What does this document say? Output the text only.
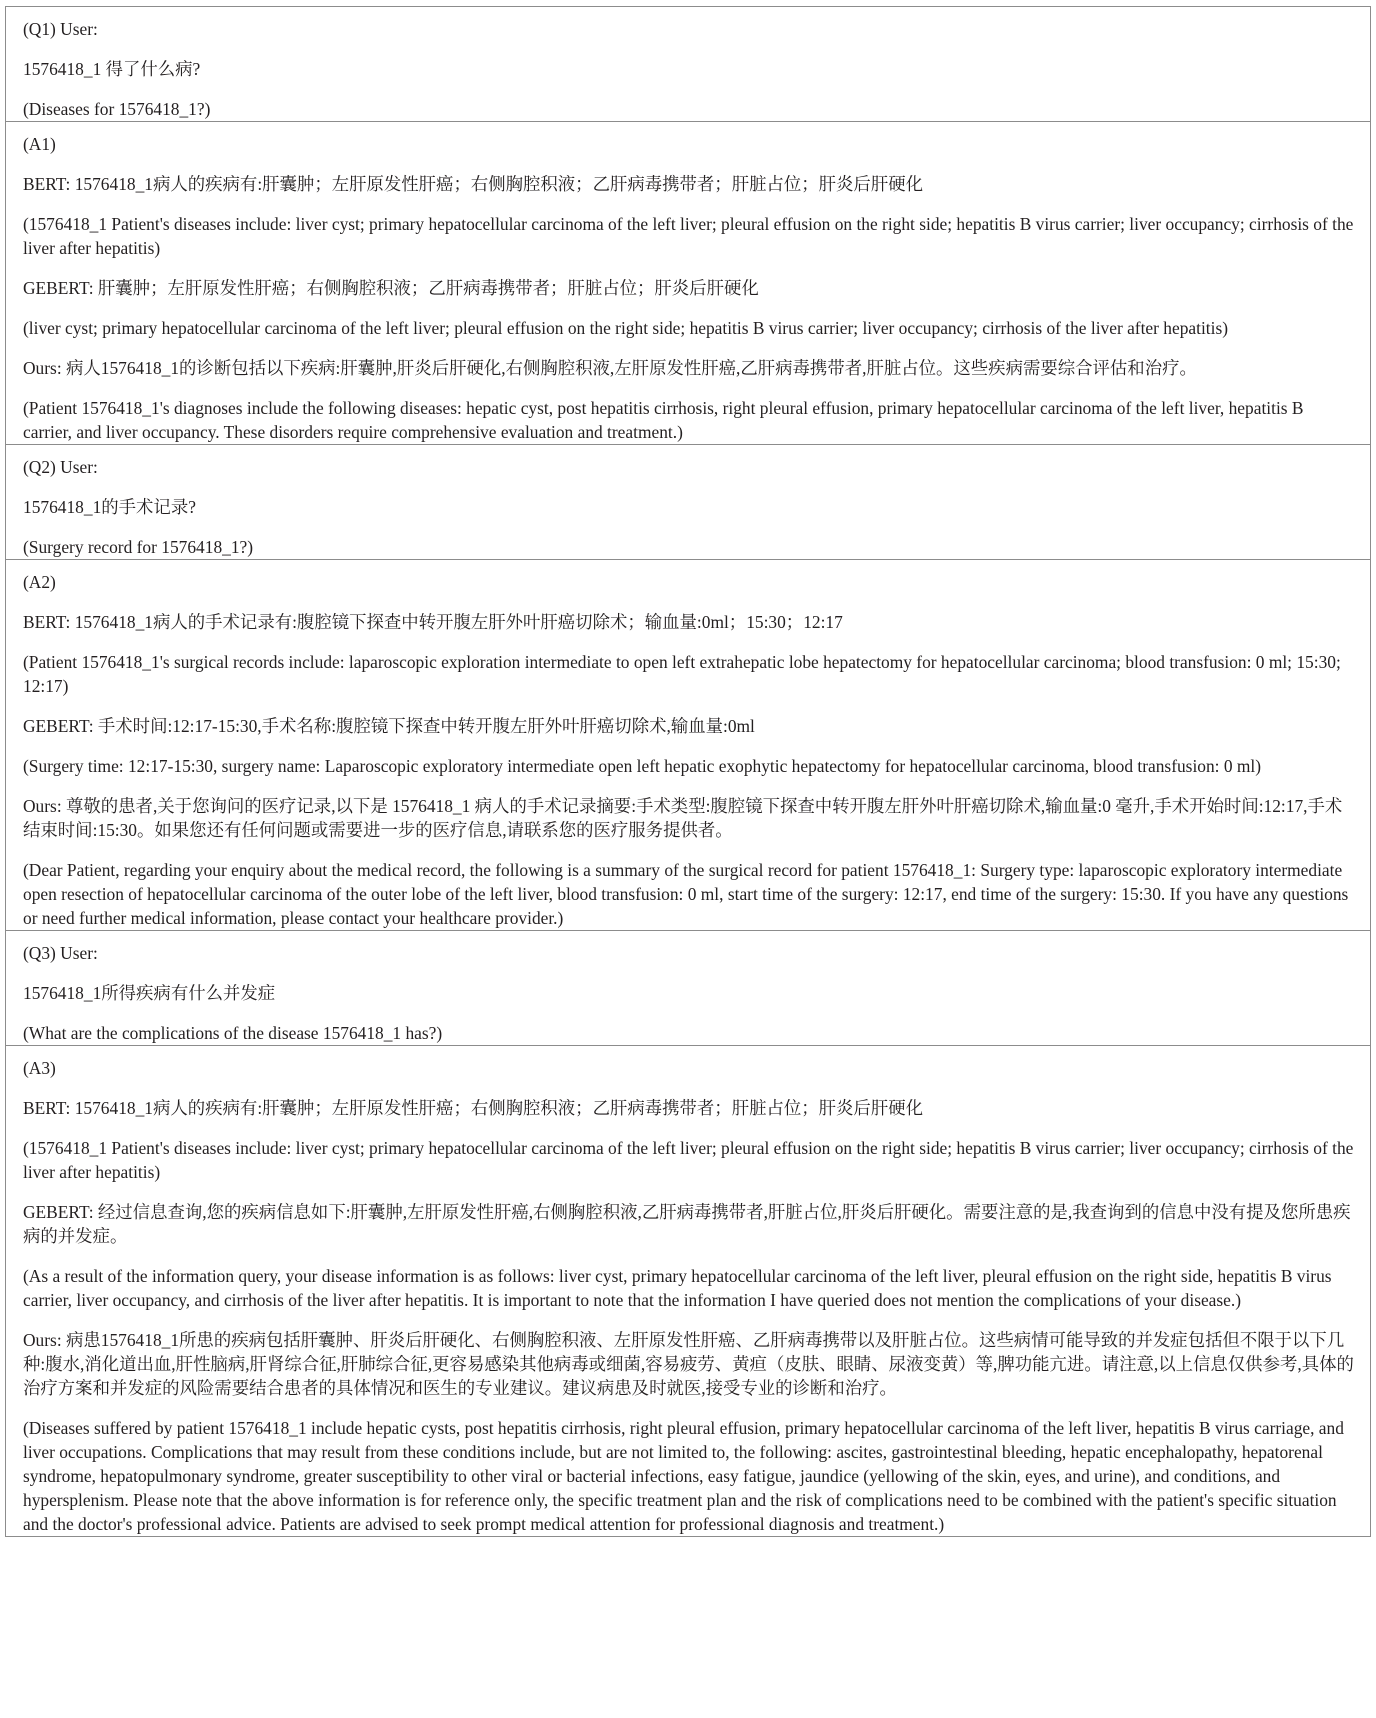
(Q1) User:

1576418_1 得了什么病?

(Diseases for 1576418_1?)

(A1)

BERT: 1576418_1病人的疾病有:肝囊肿；左肝原发性肝癌；右侧胸腔积液；乙肝病毒携带者；肝脏占位；肝炎后肝硬化

(1576418_1 Patient's diseases include: liver cyst; primary hepatocellular carcinoma of the left liver; pleural effusion on the right side; hepatitis B virus carrier; liver occupancy; cirrhosis of the liver after hepatitis)

GEBERT: 肝囊肿；左肝原发性肝癌；右侧胸腔积液；乙肝病毒携带者；肝脏占位；肝炎后肝硬化

(liver cyst; primary hepatocellular carcinoma of the left liver; pleural effusion on the right side; hepatitis B virus carrier; liver occupancy; cirrhosis of the liver after hepatitis)

Ours: 病人1576418_1的诊断包括以下疾病:肝囊肿,肝炎后肝硬化,右侧胸腔积液,左肝原发性肝癌,乙肝病毒携带者,肝脏占位。这些疾病需要综合评估和治疗。

(Patient 1576418_1's diagnoses include the following diseases: hepatic cyst, post hepatitis cirrhosis, right pleural effusion, primary hepatocellular carcinoma of the left liver, hepatitis B carrier, and liver occupancy. These disorders require comprehensive evaluation and treatment.)

(Q2) User:

1576418_1的手术记录?

(Surgery record for 1576418_1?)

(A2)

BERT: 1576418_1病人的手术记录有:腹腔镜下探查中转开腹左肝外叶肝癌切除术；输血量:0ml；15:30；12:17

(Patient 1576418_1's surgical records include: laparoscopic exploration intermediate to open left extrahepatic lobe hepatectomy for hepatocellular carcinoma; blood transfusion: 0 ml; 15:30; 12:17)

GEBERT: 手术时间:12:17-15:30,手术名称:腹腔镜下探查中转开腹左肝外叶肝癌切除术,输血量:0ml

(Surgery time: 12:17-15:30, surgery name: Laparoscopic exploratory intermediate open left hepatic exophytic hepatectomy for hepatocellular carcinoma, blood transfusion: 0 ml)

Ours: 尊敬的患者,关于您询问的医疗记录,以下是 1576418_1 病人的手术记录摘要:手术类型:腹腔镜下探查中转开腹左肝外叶肝癌切除术,输血量:0 毫升,手术开始时间:12:17,手术结束时间:15:30。如果您还有任何问题或需要进一步的医疗信息,请联系您的医疗服务提供者。

(Dear Patient, regarding your enquiry about the medical record, the following is a summary of the surgical record for patient 1576418_1: Surgery type: laparoscopic exploratory intermediate open resection of hepatocellular carcinoma of the outer lobe of the left liver, blood transfusion: 0 ml, start time of the surgery: 12:17, end time of the surgery: 15:30. If you have any questions or need further medical information, please contact your healthcare provider.)

(Q3) User:

1576418_1所得疾病有什么并发症

(What are the complications of the disease 1576418_1 has?)

(A3)

BERT: 1576418_1病人的疾病有:肝囊肿；左肝原发性肝癌；右侧胸腔积液；乙肝病毒携带者；肝脏占位；肝炎后肝硬化

(1576418_1 Patient's diseases include: liver cyst; primary hepatocellular carcinoma of the left liver; pleural effusion on the right side; hepatitis B virus carrier; liver occupancy; cirrhosis of the liver after hepatitis)

GEBERT: 经过信息查询,您的疾病信息如下:肝囊肿,左肝原发性肝癌,右侧胸腔积液,乙肝病毒携带者,肝脏占位,肝炎后肝硬化。需要注意的是,我查询到的信息中没有提及您所患疾病的并发症。

(As a result of the information query, your disease information is as follows: liver cyst, primary hepatocellular carcinoma of the left liver, pleural effusion on the right side, hepatitis B virus carrier, liver occupancy, and cirrhosis of the liver after hepatitis. It is important to note that the information I have queried does not mention the complications of your disease.)

Ours: 病患1576418_1所患的疾病包括肝囊肿、肝炎后肝硬化、右侧胸腔积液、左肝原发性肝癌、乙肝病毒携带以及肝脏占位。这些病情可能导致的并发症包括但不限于以下几种:腹水,消化道出血,肝性脑病,肝肾综合征,肝肺综合征,更容易感染其他病毒或细菌,容易疲劳、黄疸（皮肤、眼睛、尿液变黄）等,脾功能亢进。请注意,以上信息仅供参考,具体的治疗方案和并发症的风险需要结合患者的具体情况和医生的专业建议。建议病患及时就医,接受专业的诊断和治疗。

(Diseases suffered by patient 1576418_1 include hepatic cysts, post hepatitis cirrhosis, right pleural effusion, primary hepatocellular carcinoma of the left liver, hepatitis B virus carriage, and liver occupations. Complications that may result from these conditions include, but are not limited to, the following: ascites, gastrointestinal bleeding, hepatic encephalopathy, hepatorenal syndrome, hepatopulmonary syndrome, greater susceptibility to other viral or bacterial infections, easy fatigue, jaundice (yellowing of the skin, eyes, and urine), and conditions, and hypersplenism. Please note that the above information is for reference only, the specific treatment plan and the risk of complications need to be combined with the patient's specific situation and the doctor's professional advice. Patients are advised to seek prompt medical attention for professional diagnosis and treatment.)
